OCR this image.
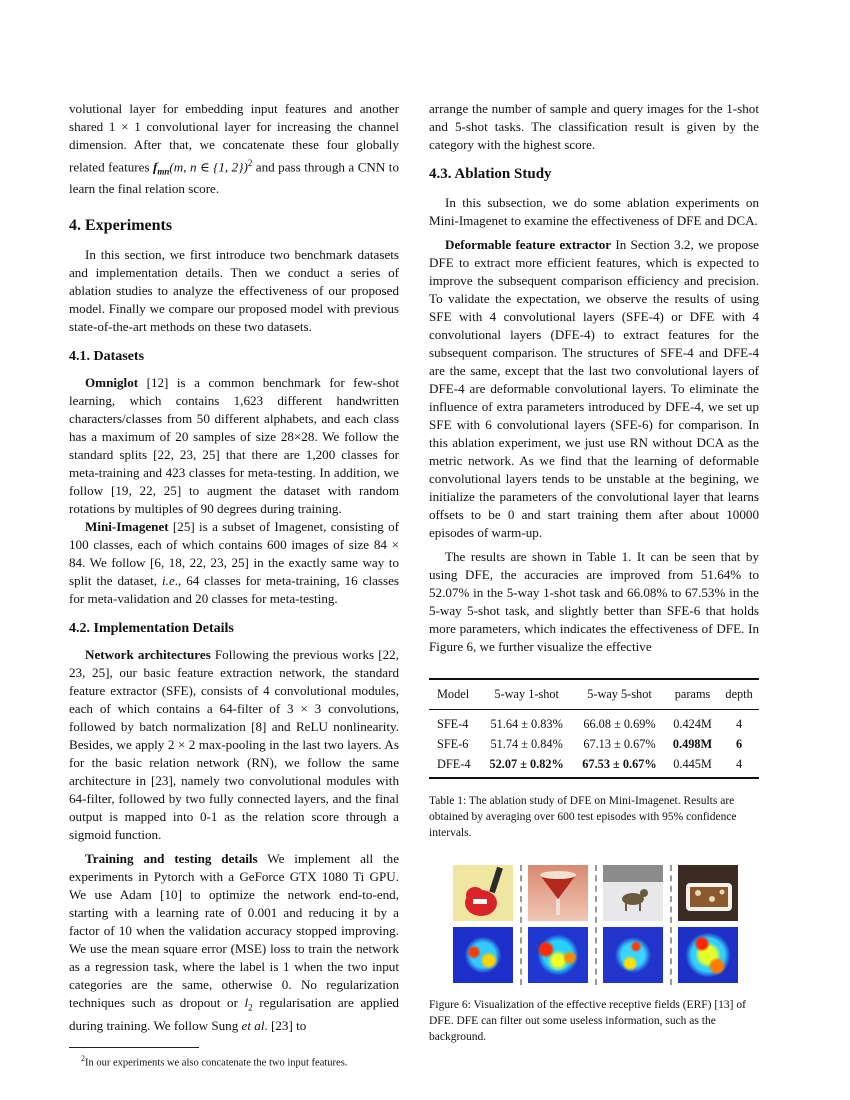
volutional layer for embedding input features and another shared 1 × 1 convolutional layer for increasing the channel dimension. After that, we concatenate these four globally related features $f_{mn}(m$, n ∈ {1, 2})$^2$ and pass through a CNN to learn the final relation score.

4. Experiments

In this section, we first introduce two benchmark datasets and implementation details. Then we conduct a series of ablation studies to analyze the effectiveness of our proposed model. Finally we compare our proposed model with previous state-of-the-art methods on these two datasets.

4.1. Datasets

Omniglot [12] is a common benchmark for few-shot learning, which contains 1,623 different handwritten characters/classes from 50 different alphabets, and each class has a maximum of 20 samples of size 28×28. We follow the standard splits [22, 23, 25] that there are 1,200 classes for meta-training and 423 classes for meta-testing. In addition, we follow [19, 22, 25] to augment the dataset with random rotations by multiples of 90 degrees during training.

Mini-Imagenet [25] is a subset of Imagenet, consisting of 100 classes, each of which contains 600 images of size 84 × 84. We follow [6, 18, 22, 23, 25] in the exactly same way to split the dataset, i.e., 64 classes for meta-training, 16 classes for meta-validation and 20 classes for meta-testing.

4.2. Implementation Details

Network architectures Following the previous works [22, 23, 25], our basic feature extraction network, the standard feature extractor (SFE), consists of 4 convolutional modules, each of which contains a 64-filter of 3 × 3 convolutions, followed by batch normalization [8] and ReLU nonlinearity. Besides, we apply 2 × 2 max-pooling in the last two layers. As for the basic relation network (RN), we follow the same architecture in [23], namely two convolutional modules with 64-filter, followed by two fully connected layers, and the final output is mapped into 0-1 as the relation score through a sigmoid function.

Training and testing details We implement all the experiments in Pytorch with a GeForce GTX 1080 Ti GPU. We use Adam [10] to optimize the network end-to-end, starting with a learning rate of 0.001 and reducing it by a factor of 10 when the validation accuracy stopped improving. We use the mean square error (MSE) loss to train the network as a regression task, where the label is 1 when the two input categories are the same, otherwise 0. No regularization techniques such as dropout or $l_2$ regularisation are applied during training. We follow Sung et al. [23] to

$^2$In our experiments we also concatenate the two input features.

arrange the number of sample and query images for the 1-shot and 5-shot tasks. The classification result is given by the category with the highest score.

4.3. Ablation Study

In this subsection, we do some ablation experiments on Mini-Imagenet to examine the effectiveness of DFE and DCA.

Deformable feature extractor In Section 3.2, we propose DFE to extract more efficient features, which is expected to improve the subsequent comparison efficiency and precision. To validate the expectation, we observe the results of using SFE with 4 convolutional layers (SFE-4) or DFE with 4 convolutional layers (DFE-4) to extract features for the subsequent comparison. The structures of SFE-4 and DFE-4 are the same, except that the last two convolutional layers of DFE-4 are deformable convolutional layers. To eliminate the influence of extra parameters introduced by DFE-4, we set up SFE with 6 convolutional layers (SFE-6) for comparison. In this ablation experiment, we just use RN without DCA as the metric network. As we find that the learning of deformable convolutional layers tends to be unstable at the begining, we initialize the parameters of the convolutional layer that learns offsets to be 0 and start training them after about 10000 episodes of warm-up.

The results are shown in Table 1. It can be seen that by using DFE, the accuracies are improved from 51.64% to 52.07% in the 5-way 1-shot task and 66.08% to 67.53% in the 5-way 5-shot task, and slightly better than SFE-6 that holds more parameters, which indicates the effectiveness of DFE. In Figure 6, we further visualize the effective

Model	5-way 1-shot	5-way 5-shot	params	depth
SFE-4	51.64 ± 0.83%	66.08 ± 0.69%	0.424M	4
SFE-6	51.74 ± 0.84%	67.13 ± 0.67%	0.498M	6
DFE-4	52.07 ± 0.82%	67.53 ± 0.67%	0.445M	4
Table 1: The ablation study of DFE on Mini-Imagenet. Results are obtained by averaging over 600 test episodes with 95% confidence intervals.
Figure 6: Visualization of the effective receptive fields (ERF) [13] of DFE. DFE can filter out some useless information, such as the background.
